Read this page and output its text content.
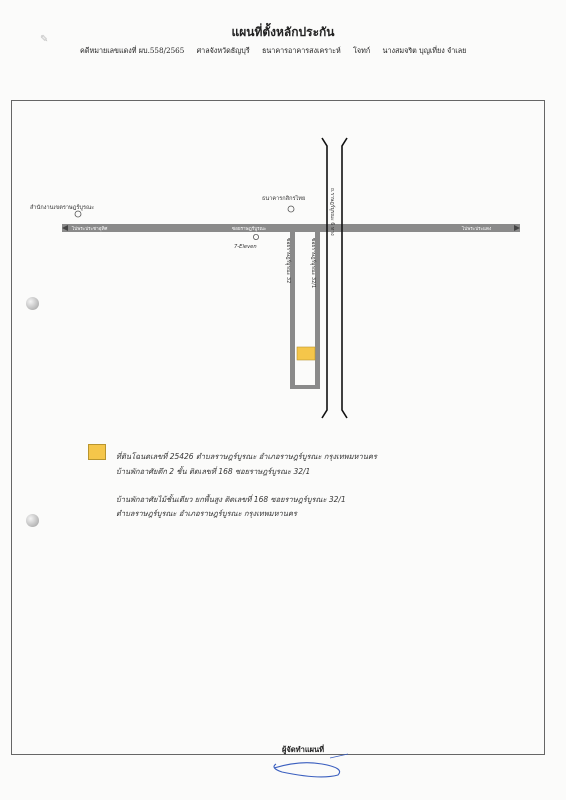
✎
แผนที่ตั้งหลักประกัน
คดีหมายเลขแดงที่ ผบ.558/2565 ศาลจังหวัดธัญบุรี ธนาคารอาคารสงเคราะห์ โจทก์ นางสมจริต บุญเที่ยง จำเลย
สำนักงานเขตราษฎร์บูรณะ
ธนาคารกสิกรไทย
ไปพระประชาอุทิศ	ไปพระประแดง
ซอยราษฎร์บูรณะ
7-Eleven	ซอยราษฎร์บูรณะ 32	ซอยราษฎร์บูรณะ 32/1
ถ.ราษฎร์บูรณะ 6 ทาง
ที่ดินโฉนดเลขที่ 25426 ตำบลราษฎร์บูรณะ อำเภอราษฎร์บูรณะ กรุงเทพมหานคร
บ้านพักอาศัยตึก 2 ชั้น ติดเลขที่ 168 ซอยราษฎร์บูรณะ 32/1
บ้านพักอาศัยไม้ชั้นเดียว ยกพื้นสูง ติดเลขที่ 168 ซอยราษฎร์บูรณะ 32/1
ตำบลราษฎร์บูรณะ อำเภอราษฎร์บูรณะ กรุงเทพมหานคร
ผู้จัดทำแผนที่
